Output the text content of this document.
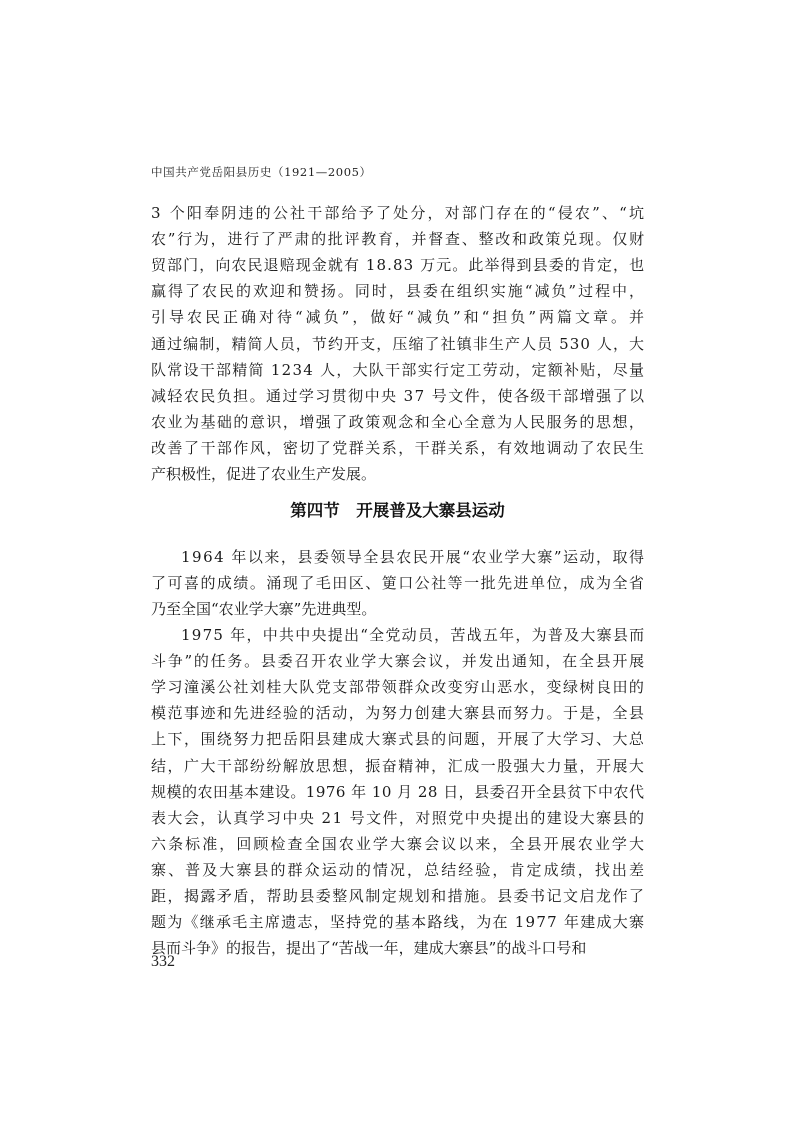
中国共产党岳阳县历史（1921—2005）
3 个阳奉阴违的公社干部给予了处分，对部门存在的“侵农”、“坑
农”行为，进行了严肃的批评教育，并督查、整改和政策兑现。仅财
贸部门，向农民退赔现金就有 18.83 万元。此举得到县委的肯定，也
赢得了农民的欢迎和赞扬。同时，县委在组织实施“减负”过程中，
引导农民正确对待“减负”，做好“减负”和“担负”两篇文章。并
通过编制，精简人员，节约开支，压缩了社镇非生产人员 530 人，大
队常设干部精简 1234 人，大队干部实行定工劳动，定额补贴，尽量
减轻农民负担。通过学习贯彻中央 37 号文件，使各级干部增强了以
农业为基础的意识，增强了政策观念和全心全意为人民服务的思想，
改善了干部作风，密切了党群关系，干群关系，有效地调动了农民生
产积极性，促进了农业生产发展。
第四节　开展普及大寨县运动
1964 年以来，县委领导全县农民开展“农业学大寨”运动，取得
了可喜的成绩。涌现了毛田区、筻口公社等一批先进单位，成为全省
乃至全国“农业学大寨”先进典型。
1975 年，中共中央提出“全党动员，苦战五年，为普及大寨县而
斗争”的任务。县委召开农业学大寨会议，并发出通知，在全县开展
学习潼溪公社刘桂大队党支部带领群众改变穷山恶水，变绿树良田的
模范事迹和先进经验的活动，为努力创建大寨县而努力。于是，全县
上下，围绕努力把岳阳县建成大寨式县的问题，开展了大学习、大总
结，广大干部纷纷解放思想，振奋精神，汇成一股强大力量，开展大
规模的农田基本建设。1976 年 10 月 28 日，县委召开全县贫下中农代
表大会，认真学习中央 21 号文件，对照党中央提出的建设大寨县的
六条标准，回顾检查全国农业学大寨会议以来，全县开展农业学大
寨、普及大寨县的群众运动的情况，总结经验，肯定成绩，找出差
距，揭露矛盾，帮助县委整风制定规划和措施。县委书记文启龙作了
题为《继承毛主席遗志，坚持党的基本路线，为在 1977 年建成大寨
县而斗争》的报告，提出了“苦战一年，建成大寨县”的战斗口号和
332
